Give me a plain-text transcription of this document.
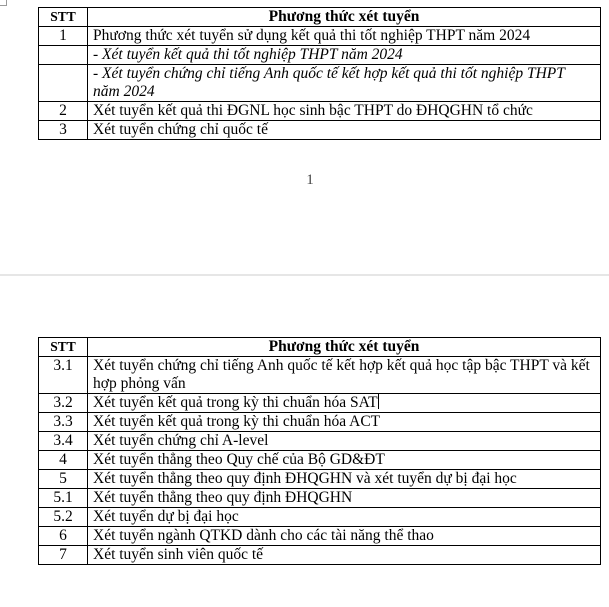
STT	Phương thức xét tuyển
1	Phương thức xét tuyển sử dụng kết quả thi tốt nghiệp THPT năm 2024
	- Xét tuyển kết quả thi tốt nghiệp THPT năm 2024
	- Xét tuyển chứng chỉ tiếng Anh quốc tế kết hợp kết quả thi tốt nghiệp THPT năm 2024
2	Xét tuyển kết quả thi ĐGNL học sinh bậc THPT do ĐHQGHN tổ chức
3	Xét tuyển chứng chỉ quốc tế
1
STT	Phương thức xét tuyển
3.1	Xét tuyển chứng chỉ tiếng Anh quốc tế kết hợp kết quả học tập bậc THPT và kết hợp phỏng vấn
3.2	Xét tuyển kết quả trong kỳ thi chuẩn hóa SAT
3.3	Xét tuyển kết quả trong kỳ thi chuẩn hóa ACT
3.4	Xét tuyển chứng chỉ A-level
4	Xét tuyển thẳng theo Quy chế của Bộ GD&ĐT
5	Xét tuyển thẳng theo quy định ĐHQGHN và xét tuyển dự bị đại học
5.1	Xét tuyển thẳng theo quy định ĐHQGHN
5.2	Xét tuyển dự bị đại học
6	Xét tuyển ngành QTKD dành cho các tài năng thể thao
7	Xét tuyển sinh viên quốc tế
